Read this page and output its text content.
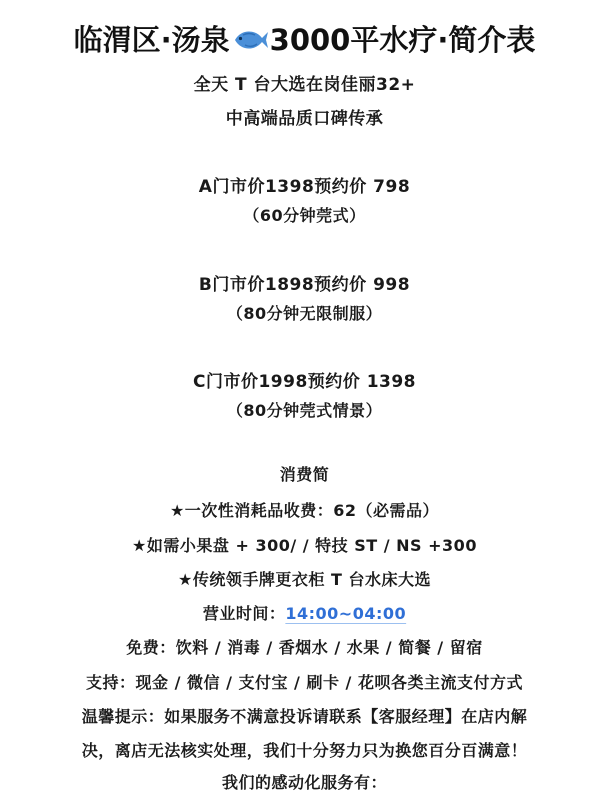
临渭区·汤泉 3000平水疗·简介表
全天 T 台大选在岗佳丽32+
中高端品质口碑传承
A门市价1398预约价 798
（60分钟莞式）
B门市价1898预约价 998
（80分钟无限制服）
C门市价1998预约价 1398
（80分钟莞式情景）
消费简
★一次性消耗品收费：62（必需品）
★如需小果盘 + 300/ / 特技 ST / NS +300
★传统领手牌更衣柜 T 台水床大选
营业时间：14:00~04:00
免费：饮料 / 消毒 / 香烟水 / 水果 / 简餐 / 留宿
支持：现金 / 微信 / 支付宝 / 刷卡 / 花呗各类主流支付方式
温馨提示：如果服务不满意投诉请联系【客服经理】在店内解
决，离店无法核实处理，我们十分努力只为换您百分百满意！
我们的感动化服务有：
